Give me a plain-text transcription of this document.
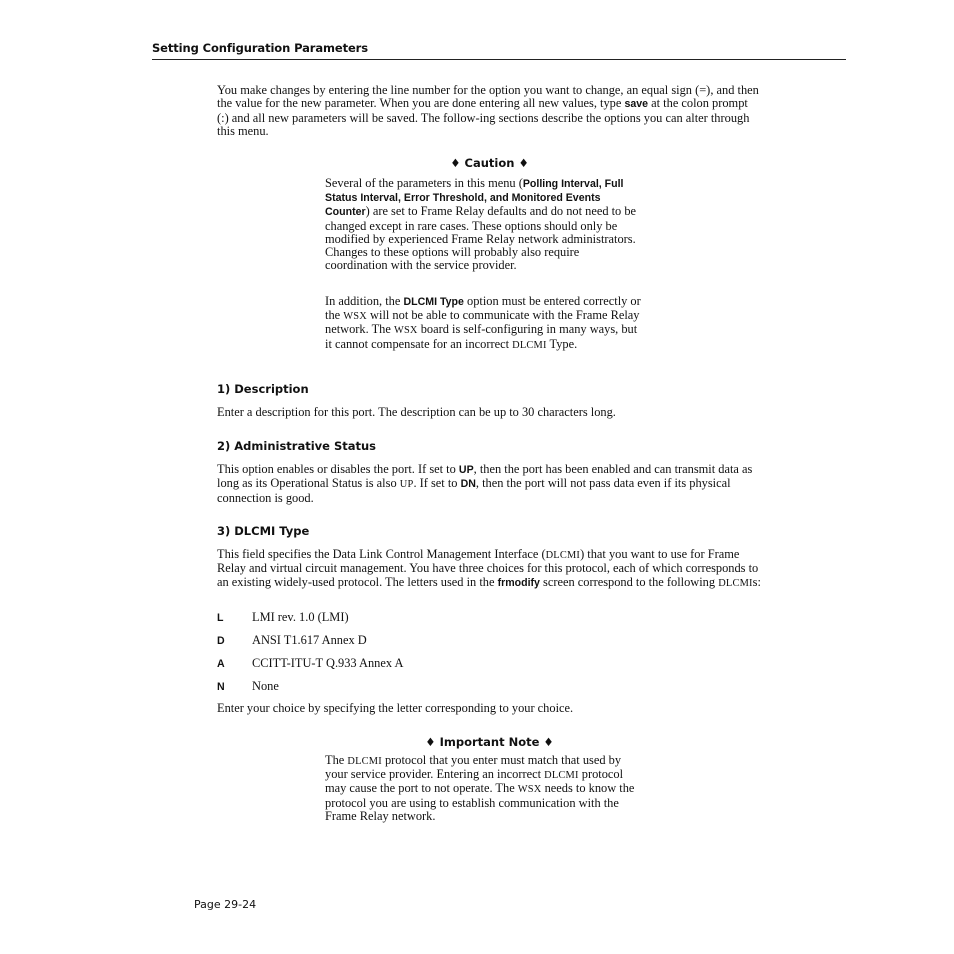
Setting Configuration Parameters
You make changes by entering the line number for the option you want to change, an equal sign (=), and then the value for the new parameter. When you are done entering all new values, type save at the colon prompt (:) and all new parameters will be saved. The follow-ing sections describe the options you can alter through this menu.
♦ Caution ♦
Several of the parameters in this menu (Polling Interval, Full Status Interval, Error Threshold, and Monitored Events Counter) are set to Frame Relay defaults and do not need to be changed except in rare cases. These options should only be modified by experienced Frame Relay network administrators. Changes to these options will probably also require coordination with the service provider.
In addition, the DLCMI Type option must be entered correctly or the WSX will not be able to communicate with the Frame Relay network. The WSX board is self-configuring in many ways, but it cannot compensate for an incorrect DLCMI Type.
1) Description
Enter a description for this port. The description can be up to 30 characters long.
2) Administrative Status
This option enables or disables the port. If set to UP, then the port has been enabled and can transmit data as long as its Operational Status is also UP. If set to DN, then the port will not pass data even if its physical connection is good.
3) DLCMI Type
This field specifies the Data Link Control Management Interface (DLCMI) that you want to use for Frame Relay and virtual circuit management. You have three choices for this protocol, each of which corresponds to an existing widely-used protocol. The letters used in the frmodify screen correspond to the following DLCMIs:
L LMI rev. 1.0 (LMI)
D ANSI T1.617 Annex D
A CCITT-ITU-T Q.933 Annex A
N None
Enter your choice by specifying the letter corresponding to your choice.
♦ Important Note ♦
The DLCMI protocol that you enter must match that used by your service provider. Entering an incorrect DLCMI protocol may cause the port to not operate. The WSX needs to know the protocol you are using to establish communication with the Frame Relay network.
Page 29-24
